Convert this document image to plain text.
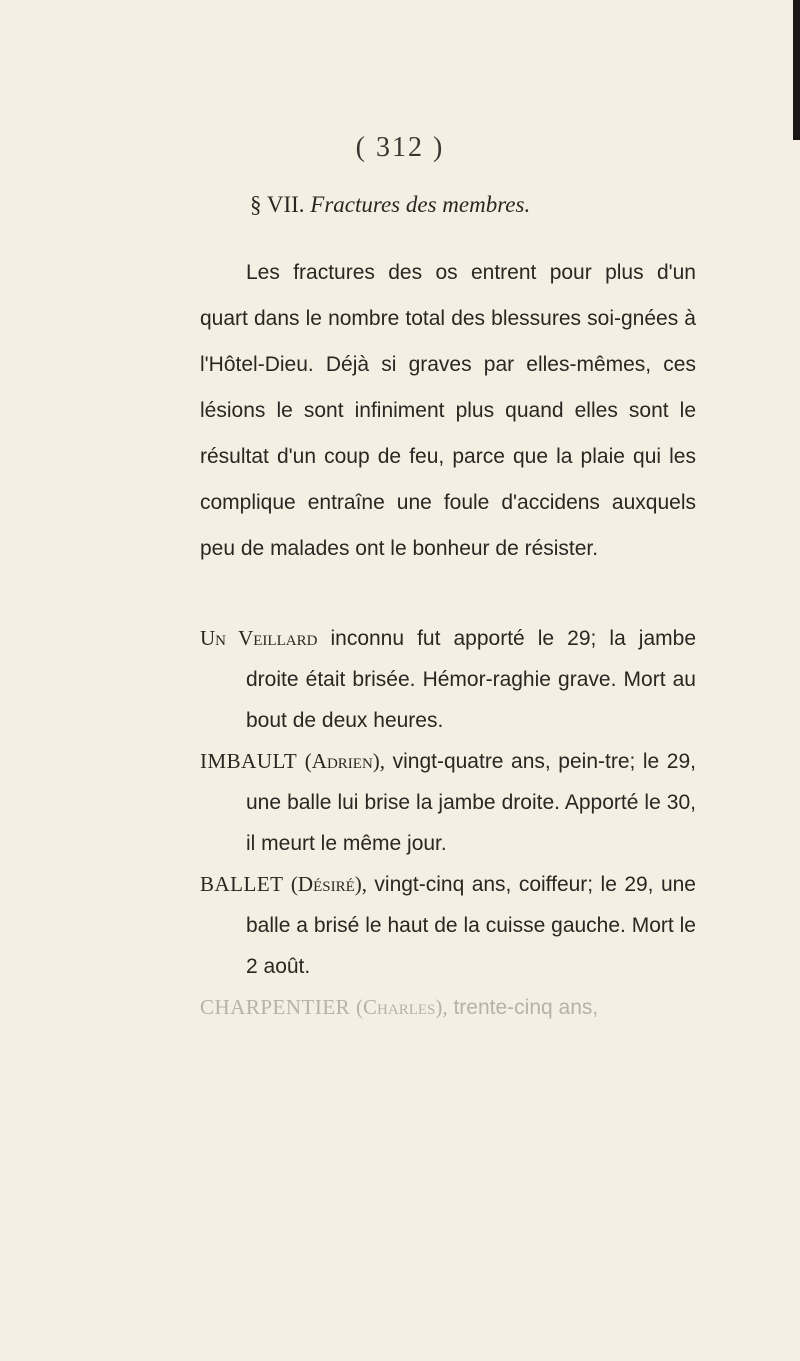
( 312 )
§ VII. Fractures des membres.

Les fractures des os entrent pour plus d'un quart dans le nombre total des blessures soi-gnées à l'Hôtel-Dieu. Déjà si graves par elles-mêmes, ces lésions le sont infiniment plus quand elles sont le résultat d'un coup de feu, parce que la plaie qui les complique entraîne une foule d'accidens auxquels peu de malades ont le bonheur de résister.

Un Veillard inconnu fut apporté le 29; la jambe droite était brisée. Hémor-raghie grave. Mort au bout de deux heures.

IMBAULT (Adrien), vingt-quatre ans, pein-tre; le 29, une balle lui brise la jambe droite. Apporté le 30, il meurt le même jour.

BALLET (Désiré), vingt-cinq ans, coiffeur; le 29, une balle a brisé le haut de la cuisse gauche. Mort le 2 août.

CHARPENTIER (Charles), trente-cinq ans,
